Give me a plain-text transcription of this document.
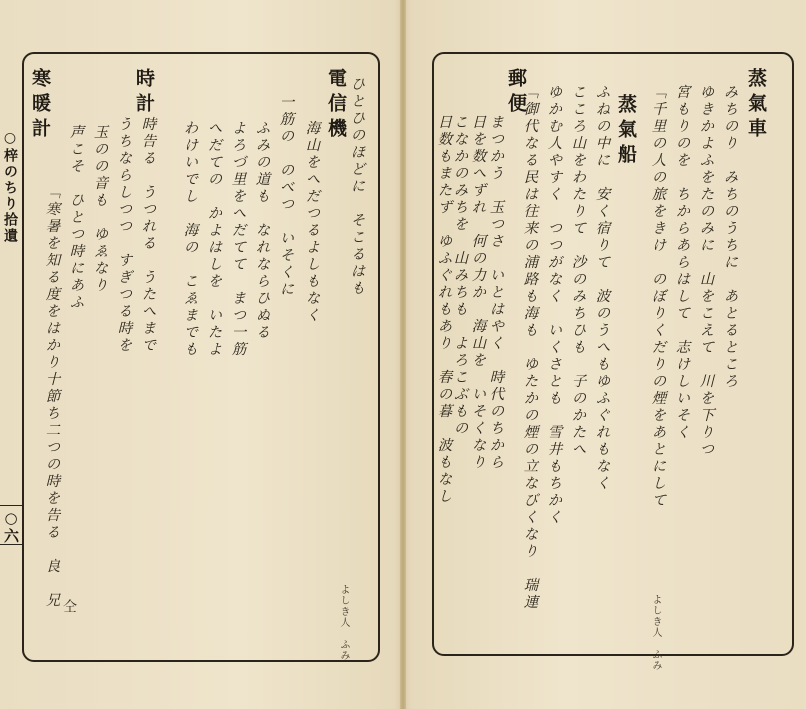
○梓のちり拾遺
○六
電信機 ひとひのほどに　そこるはも
海山をへだつるよしもなく
一筋の　のべつ　いそくに
ふみの道も　なれならひぬる
よろづ里をへだてて　まつ一筋
へだての　かよはしを　いたよ
わけいでし　海の　こゑまでも
よしき人　ふみ
時計
時告る　うつれる　うたへまで
うちならしつつ　すぎつる時を
玉のの音も　ゆゑなり
声こそ　ひとつ時にあふ
寒暖計
「寒暑を知る度をはかり十節ち二つの時を告る　良　兄 仝
蒸氣車
みちのり　みちのうちに　あとるところ
ゆきかよふをたのみに　山をこえて　川を下りつ
宮もりのを　ちからあらはして　志けしいそく
「千里の人の旅をきけ　のぼりくだりの煙をあとにして
よしき人　ふみ
蒸氣船
ふねの中に　安く宿りて　波のうへもゆふぐれもなく
こころ山をわたりて　沙のみちひも　子のかたへ
ゆかむ人やすく　つつがなく　いくさとも　雪井もちかく
「御代なる民は往来の浦路も海も　ゆたかの煙の立なびくなり　瑞連
郵便
まつかう　玉つさ　いとはやく　時代のちから
日を数へずれ　何の力か　海山を　いそくなり
こなかのみちを　山みちも　よろこぶもの
日数もまたず　ゆふぐれもあり　春の暮　波もなし
